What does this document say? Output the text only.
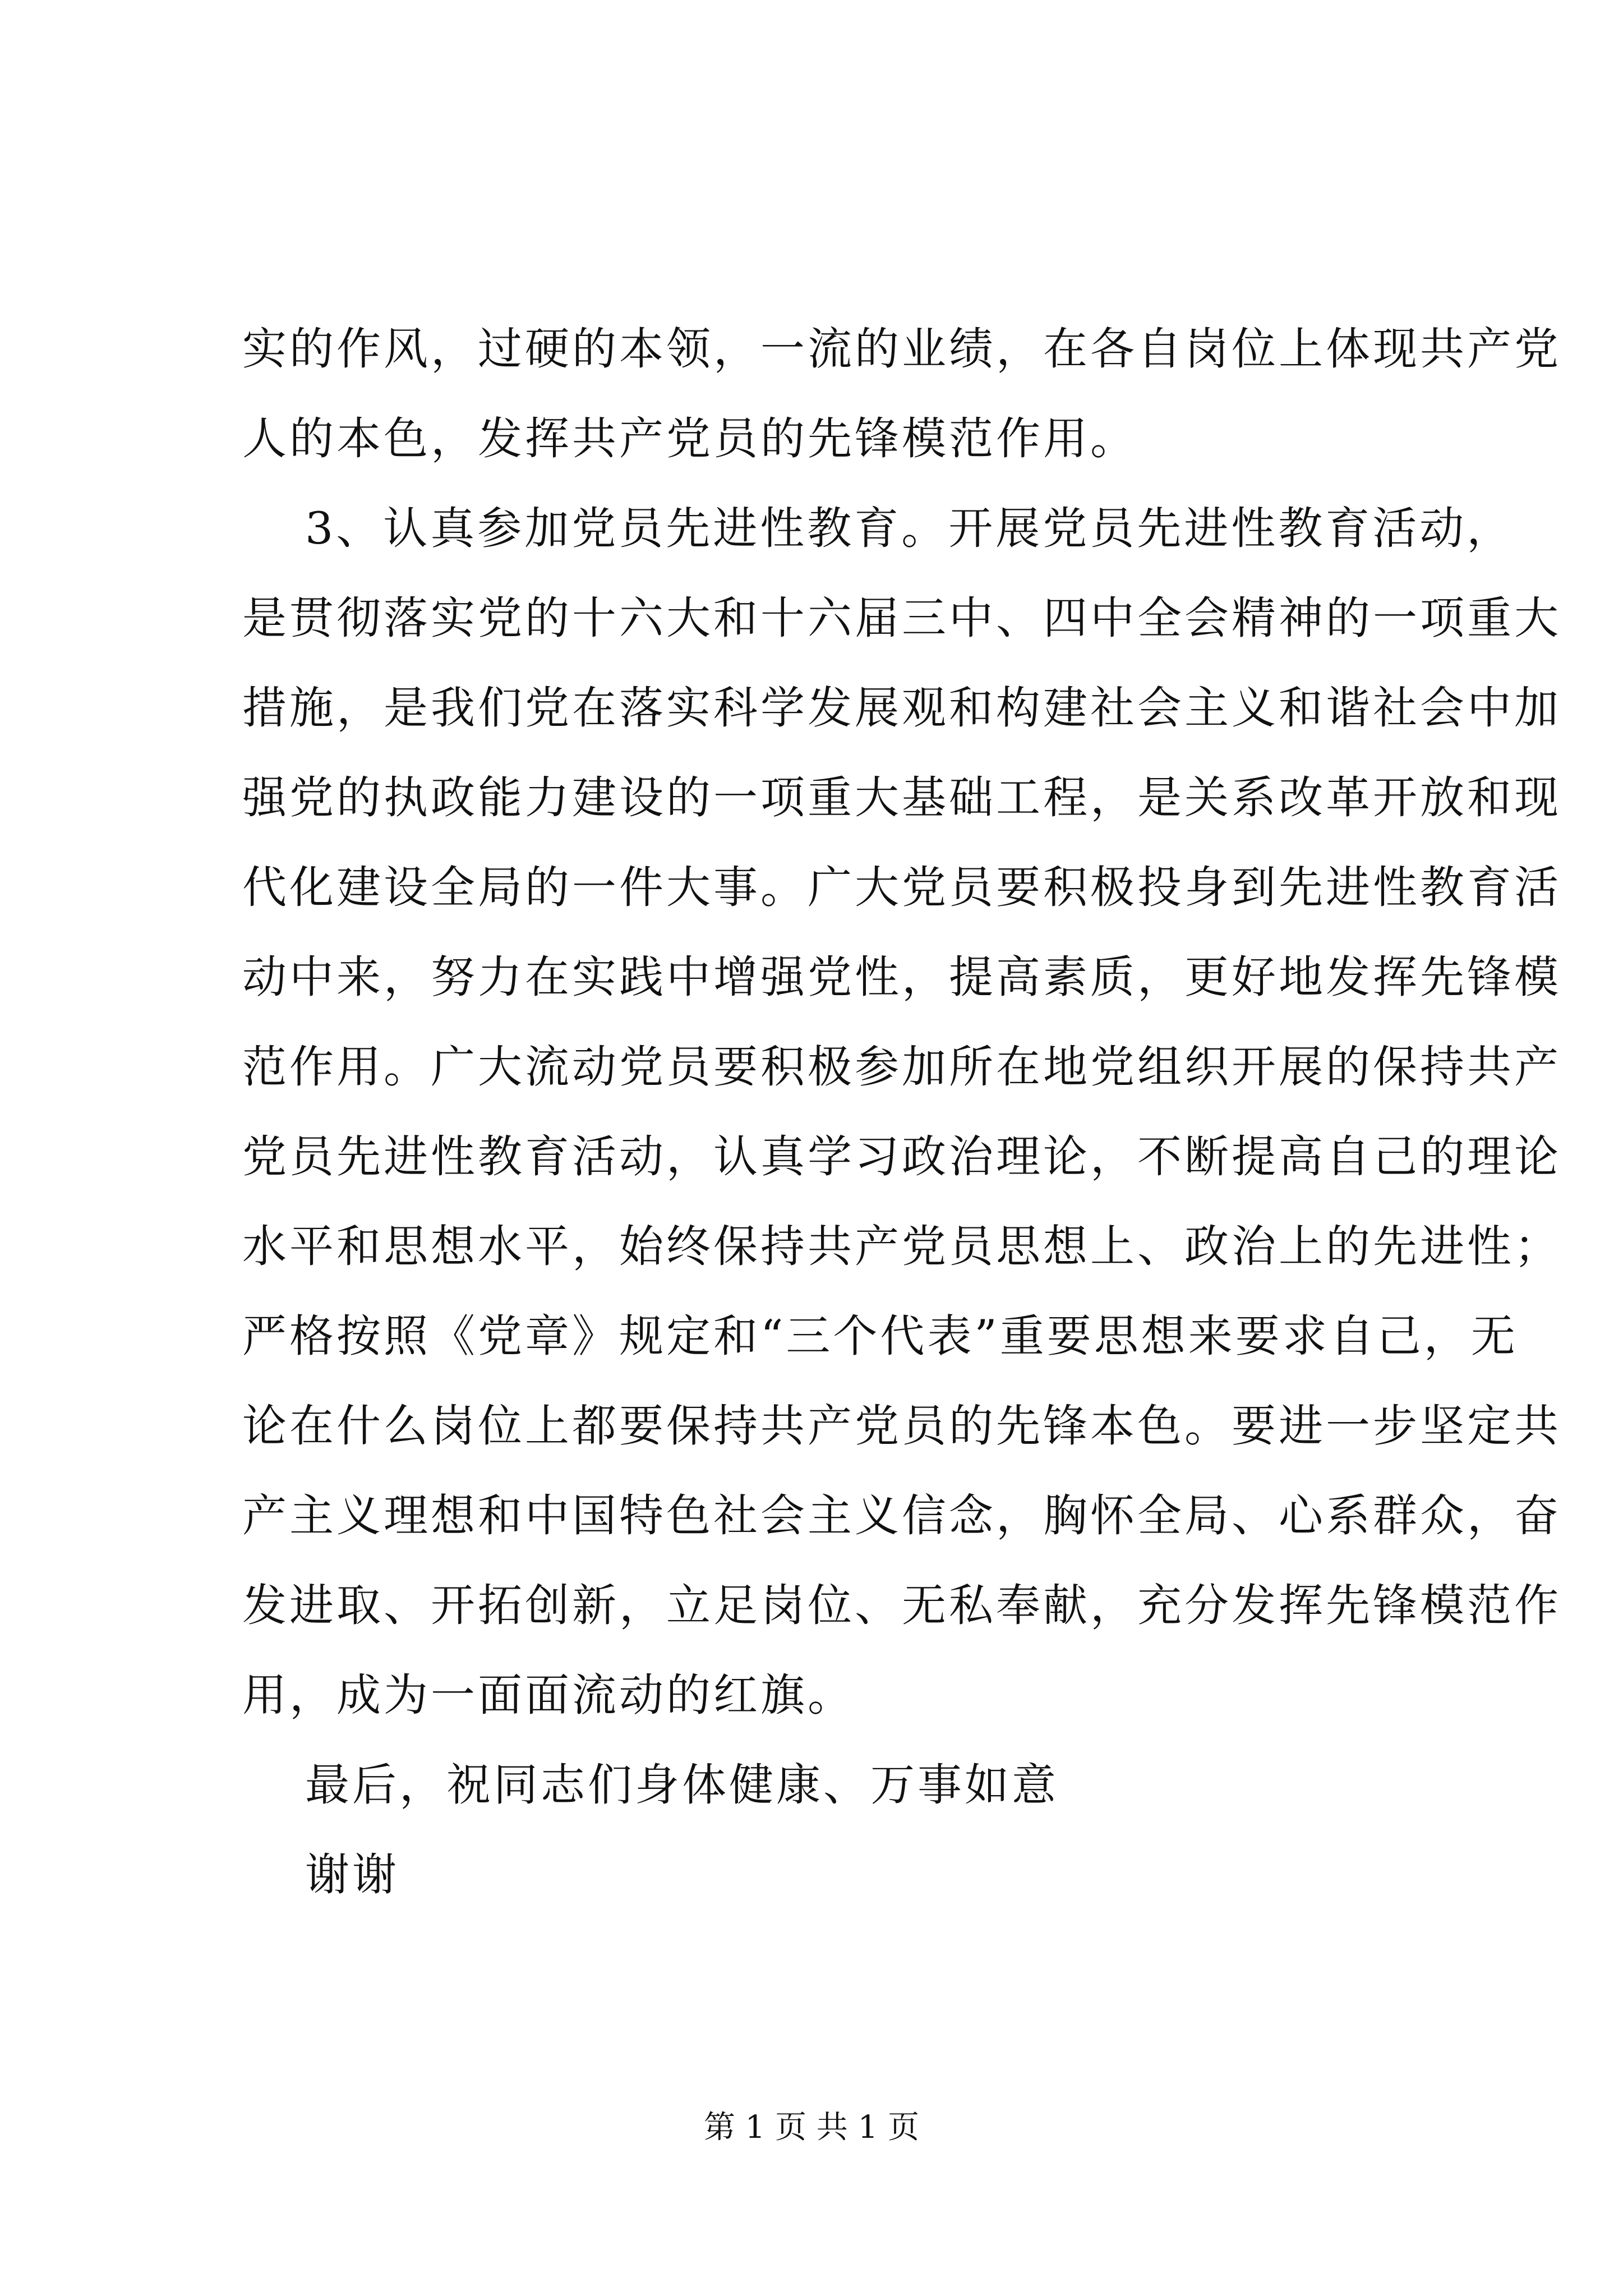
实的作风，过硬的本领，一流的业绩，在各自岗位上体现共产党
人的本色，发挥共产党员的先锋模范作用。
3、认真参加党员先进性教育。开展党员先进性教育活动，
是贯彻落实党的十六大和十六届三中、四中全会精神的一项重大
措施，是我们党在落实科学发展观和构建社会主义和谐社会中加
强党的执政能力建设的一项重大基础工程，是关系改革开放和现
代化建设全局的一件大事。广大党员要积极投身到先进性教育活
动中来，努力在实践中增强党性，提高素质，更好地发挥先锋模
范作用。广大流动党员要积极参加所在地党组织开展的保持共产
党员先进性教育活动，认真学习政治理论，不断提高自己的理论
水平和思想水平，始终保持共产党员思想上、政治上的先进性；
严格按照《党章》规定和“三个代表”重要思想来要求自己，无
论在什么岗位上都要保持共产党员的先锋本色。要进一步坚定共
产主义理想和中国特色社会主义信念，胸怀全局、心系群众，奋
发进取、开拓创新，立足岗位、无私奉献，充分发挥先锋模范作
用，成为一面面流动的红旗。
最后，祝同志们身体健康、万事如意
谢谢
第 1 页 共 1 页
